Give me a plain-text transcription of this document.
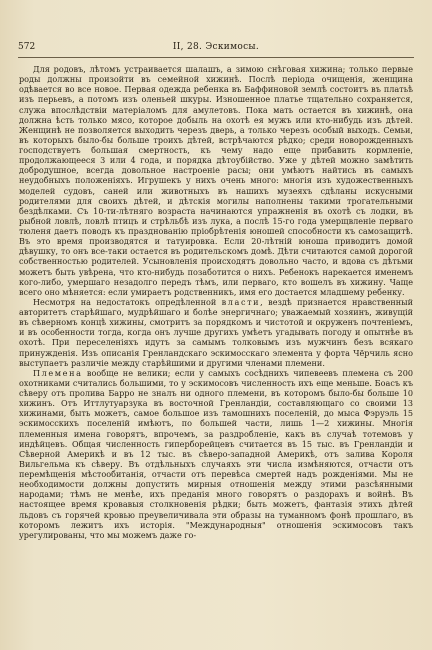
572	II, 28. Эскимосы.

Для родовъ, лѣтомъ устраивается шалашъ, а зимою снѣговая хижина; только первые роды должны произойти въ семейной хижинѣ. Послѣ періода очищенія, женщина одѣвается во все новое. Первая одежда ребенка въ Баффиновой землѣ состоитъ въ платьѣ изъ перьевъ, а потомъ изъ оленьей шкуры. Изношенное платье тщательно сохраняется, служа впослѣдствіи матеріаломъ для амулетовъ. Пока мать остается въ хижинѣ, она должна ѣсть только мясо, которое добыль на охотѣ ея мужъ или кто-нибудь изъ дѣтей. Женщинѣ не позволяется выходить черезъ дверь, а только черезъ особый выходъ. Семьи, въ которыхъ было-бы больше трoихъ дѣтей, встрѣчаются рѣдко; среди новорожденныхъ господствуетъ большая смертность, къ чему надо еще прибавить кормленіе, продолжающееся 3 или 4 года, и порядка дѣтоубійство. Уже у дѣтей можно замѣтить добродушное, всегда довольное настроеніе расы; они умѣютъ найтись въ самыхъ неудобныхъ положеніяхъ. Игрушекъ у нихъ очень много: многія изъ художественныхъ моделей судовъ, саней или животныхъ въ нашихъ музеяхъ сдѣланы искусными родителями для своихъ дѣтей, и дѣтскія могилы наполнены такими трогательными бездѣлками. Съ 10-ти-лѣтняго возраста начинаются упражненія въ охотѣ съ лодки, въ рыбной ловлѣ, ловлѣ птицъ и стрѣльбѣ изъ лука, а послѣ 15-го года умерщвленіе перваго тюленя даетъ поводъ къ празднованію пріобрѣтенія юношей способности къ самозащитѣ. Въ это время производятся и татуировка. Если 20-лѣтній юноша приводитъ домой дѣвушку, то онъ все-таки остается въ родительскомъ домѣ. Дѣти считаются самой дорогой собственностью родителей. Усыновленія происходятъ довольно часто, и вдова съ дѣтьми можетъ быть увѣрена, что кто-нибудь позаботится о нихъ. Ребенокъ нарекается именемъ кого-либо, умершаго незадолго передъ тѣмъ, или перваго, кто вошелъ въ хижину. Чаще всего оно мѣняется: если умираетъ родственникъ, имя его достается младшему ребенку.

Несмотря на недостатокъ опредѣленной власти, вездѣ признается нравственный авторитетъ старѣйшаго, мудрѣйшаго и болѣе энергичнаго; уважаемый хозяинъ, живущій въ сѣверномъ концѣ хижины, смотритъ за порядкомъ и чистотой и окруженъ почтеніемъ, и въ особенности тогда, когда онъ лучше другихъ умѣетъ угадывать погоду и опытнѣе въ охотѣ. При переселеніяхъ идутъ за самымъ толковымъ изъ мужчинъ безъ всякаго принужденія. Изъ описанія Гренландскаго эскимосскаго элемента у форта Чёрчиль ясно выступаетъ различіе между старѣйшими и другими членами племени.

Племена вообще не велики; если у самыхъ сосѣднихъ чипевеевъ племена съ 200 охотниками считались большими, то у эскимосовъ численность ихъ еще меньше. Боасъ къ сѣверу отъ пролива Барро не зналъ ни одного племени, въ которомъ было-бы больше 10 хижинъ. Отъ Иттлутуарзука въ восточной Гренландіи, составляющаго со своими 13 хижинами, быть можетъ, самое большое изъ тамошнихъ поселеній, до мыса Фэруэль 15 эскимосскихъ поселеній имѣютъ, по большей части, лишь 1—2 хижины. Многія племенныя имена говорятъ, впрочемъ, за раздробленіе, какъ въ случаѣ тотемовъ у индѣйцевъ. Общая численность гиперборейцевъ считается въ 15 тыс. въ Гренландіи и Сѣверной Америкѣ и въ 12 тыс. въ сѣверо-западной Америкѣ, отъ залива Короля Вильгельма къ сѣверу. Въ отдѣльныхъ случаяхъ эти числа измѣняются, отчасти отъ перемѣщенія мѣстообитанія, отчасти отъ перевѣса смертей надъ рожденіями. Мы не необходимости должны допустить мирныя отношенія между этими разсѣянными народами; тѣмъ не менѣе, ихъ преданія много говорятъ о раздорахъ и войнѣ. Въ настоящее время кровавыя столкновенія рѣдки; быть можетъ, фантазія этихъ дѣтей льдовъ съ горячей кровью преувеличивала эти образы на туманномъ фонѣ прошлаго, въ которомъ лежитъ ихъ исторія. "Международныя" отношенія эскимосовъ такъ урегулированы, что мы можемъ даже го-
